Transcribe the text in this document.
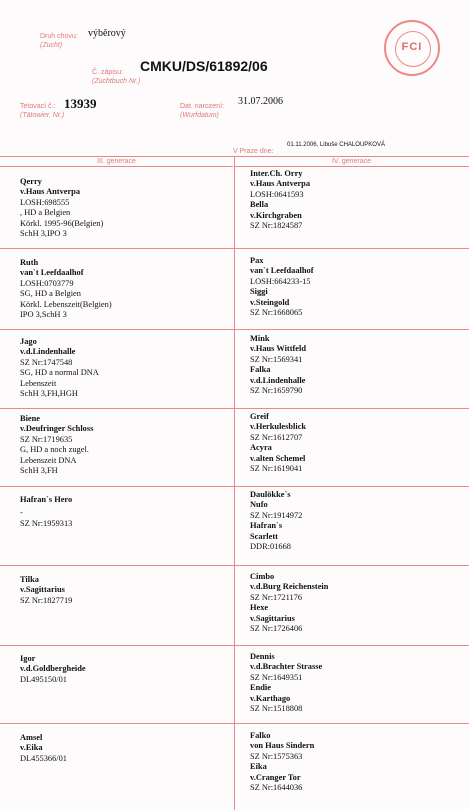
Druh chovu:
(Zucht)
výběrový
Č. zápisu:
(Zuchtbuch Nr.)
CMKU/DS/61892/06
Tetovací č.:
(Tätowier. Nr.)
13939	Dat. narození:
(Wurfdatum)
31.07.2006
V Praze dne:
01.11.2006, Libuše CHALOUPKOVÁ
FCI
III. generace	IV. generace
Qerry
v.Haus Antverpa
LOSH:698555
, HD a Belgien
Körkl. 1995-96(Belgien)
SchH 3,IPO 3
Inter.Ch. Orry
v.Haus Antverpa
LOSH:0641593
Bella
v.Kirchgraben
SZ Nr:1824587
Ruth
van`t Leefdaalhof
LOSH:0703779
SG, HD a Belgien
Körkl. Lebenszeit(Belgien)
IPO 3,SchH 3
Pax
van`t Leefdaalhof
LOSH:664233-15
Siggi
v.Steingold
SZ Nr:1668065
Jago
v.d.Lindenhalle
SZ Nr:1747548
SG, HD a normal DNA
Lebenszeit
SchH 3,FH,HGH
Mink
v.Haus Wittfeld
SZ Nr:1569341
Falka
v.d.Lindenhalle
SZ Nr:1659790
Biene
v.Deufringer Schloss
SZ Nr:1719635
G, HD a noch zugel.
Lebenszeit DNA
SchH 3,FH
Greif
v.Herkulesblick
SZ Nr:1612707
Acyra
v.alten Schemel
SZ Nr:1619041
Hafran`s Hero
-
SZ Nr:1959313
Daulökke`s
Nufo
SZ Nr:1914972
Hafran`s
Scarlett
DDR:01668
Tilka
v.Sagittarius
SZ Nr:1827719
Cimbo
v.d.Burg Reichenstein
SZ Nr:1721176
Hexe
v.Sagittarius
SZ Nr:1726406
Igor
v.d.Goldbergheide
DL495150/01
Dennis
v.d.Brachter Strasse
SZ Nr:1649351
Endie
v.Karthago
SZ Nr:1518808
Amsel
v.Eika
DL455366/01
Falko
von Haus Sindern
SZ Nr:1575363
Eika
v.Cranger Tor
SZ Nr:1644036
